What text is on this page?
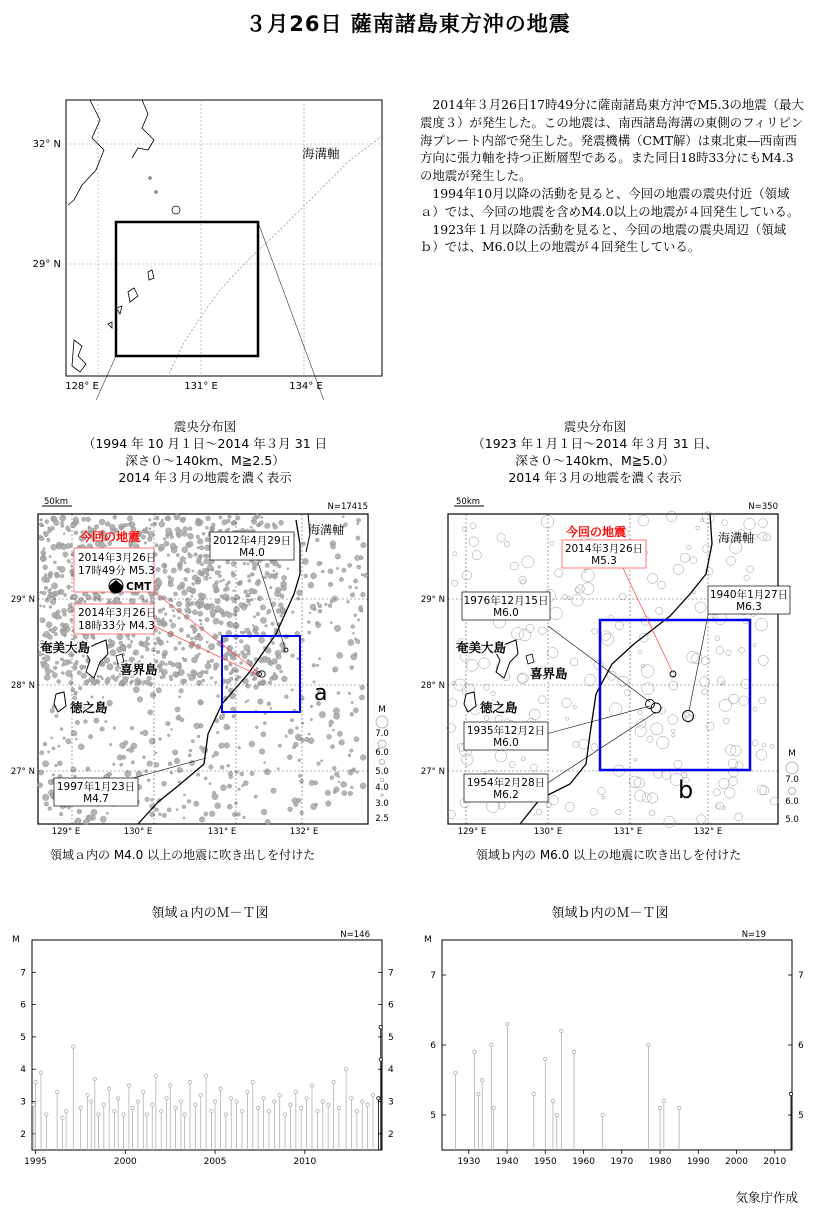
３月26日 薩南諸島東方沖の地震

2014年３月26日17時49分に薩南諸島東方沖でM5.3の地震（最大震度３）が発生した。この地震は、南西諸島海溝の東側のフィリピン海プレート内部で発生した。発震機構（CMT解）は東北東―西南西方向に張力軸を持つ正断層型である。また同日18時33分にもM4.3の地震が発生した。

1994年10月以降の活動を見ると、今回の地震の震央付近（領域ａ）では、今回の地震を含めM4.0以上の地震が４回発生している。

1923年１月以降の活動を見ると、今回の地震の震央周辺（領域ｂ）では、M6.0以上の地震が４回発生している。

32° N
29° N
128° E	131° E	134° E
海溝軸
震央分布図
（1994 年 10 月１日～2014 年３月 31 日
深さ０～140km、M≧2.5）
2014 年３月の地震を濃く表示
震央分布図
（1923 年１月１日～2014 年３月 31 日、
深さ０～140km、M≧5.0）
2014 年３月の地震を濃く表示
50km	N=17415
海溝軸
a
今回の地震
2014年3月26日
17時49分 M5.3
CMT
2014年3月26日
18時33分 M4.3
2012年4月29日
M4.0
1997年1月23日
M4.7
奄美大島
喜界島
徳之島
29° N
28° N
27° N
129° E	130° E	131° E	132° E
M
7.0
6.0
5.0
4.0
3.0
2.5
50km	N=350
海溝軸
b
今回の地震
2014年3月26日
M5.3
1976年12月15日
M6.0
1940年1月27日
M6.3
1935年12月2日
M6.0
1954年2月28日
M6.2
奄美大島
喜界島
徳之島
29° N
28° N
27° N
129° E	130° E	131° E	132° E
M
7.0
6.0
5.0
領域ａ内の M4.0 以上の地震に吹き出しを付けた	領域ｂ内の M6.0 以上の地震に吹き出しを付けた
領域ａ内のＭ－Ｔ図	領域ｂ内のＭ－Ｔ図
M	N=146
7	7
6	6
5	5
4	4
3	3
2	2
1995	2000	2005	2010
M	N=19
7	7
6	6
5	5
1930 1940 1950 1960 1970 1980 1990 2000 2010
気象庁作成
